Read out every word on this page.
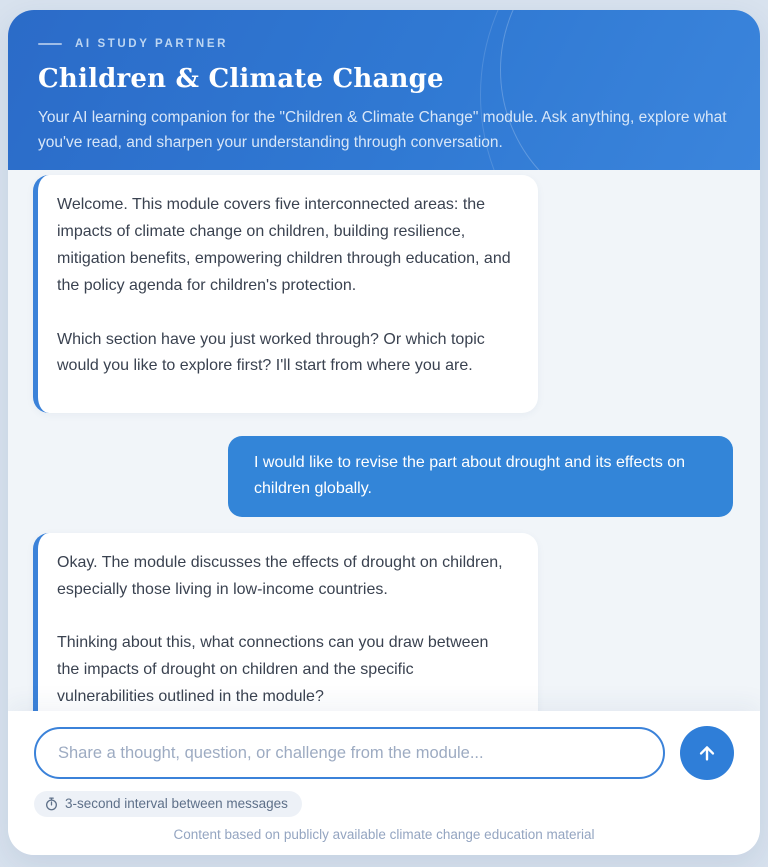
AI STUDY PARTNER
Children & Climate Change

Your AI learning companion for the "Children & Climate Change" module. Ask anything, explore what you've read, and sharpen your understanding through conversation.

Welcome. This module covers five interconnected areas: the impacts of climate change on children, building resilience, mitigation benefits, empowering children through education, and the policy agenda for children's protection.

Which section have you just worked through? Or which topic would you like to explore first? I'll start from where you are.

I would like to revise the part about drought and its effects on children globally.

Okay. The module discusses the effects of drought on children, especially those living in low-income countries.

Thinking about this, what connections can you draw between the impacts of drought on children and the specific vulnerabilities outlined in the module?

Share a thought, question, or challenge from the module...
3-second interval between messages
Content based on publicly available climate change education material
